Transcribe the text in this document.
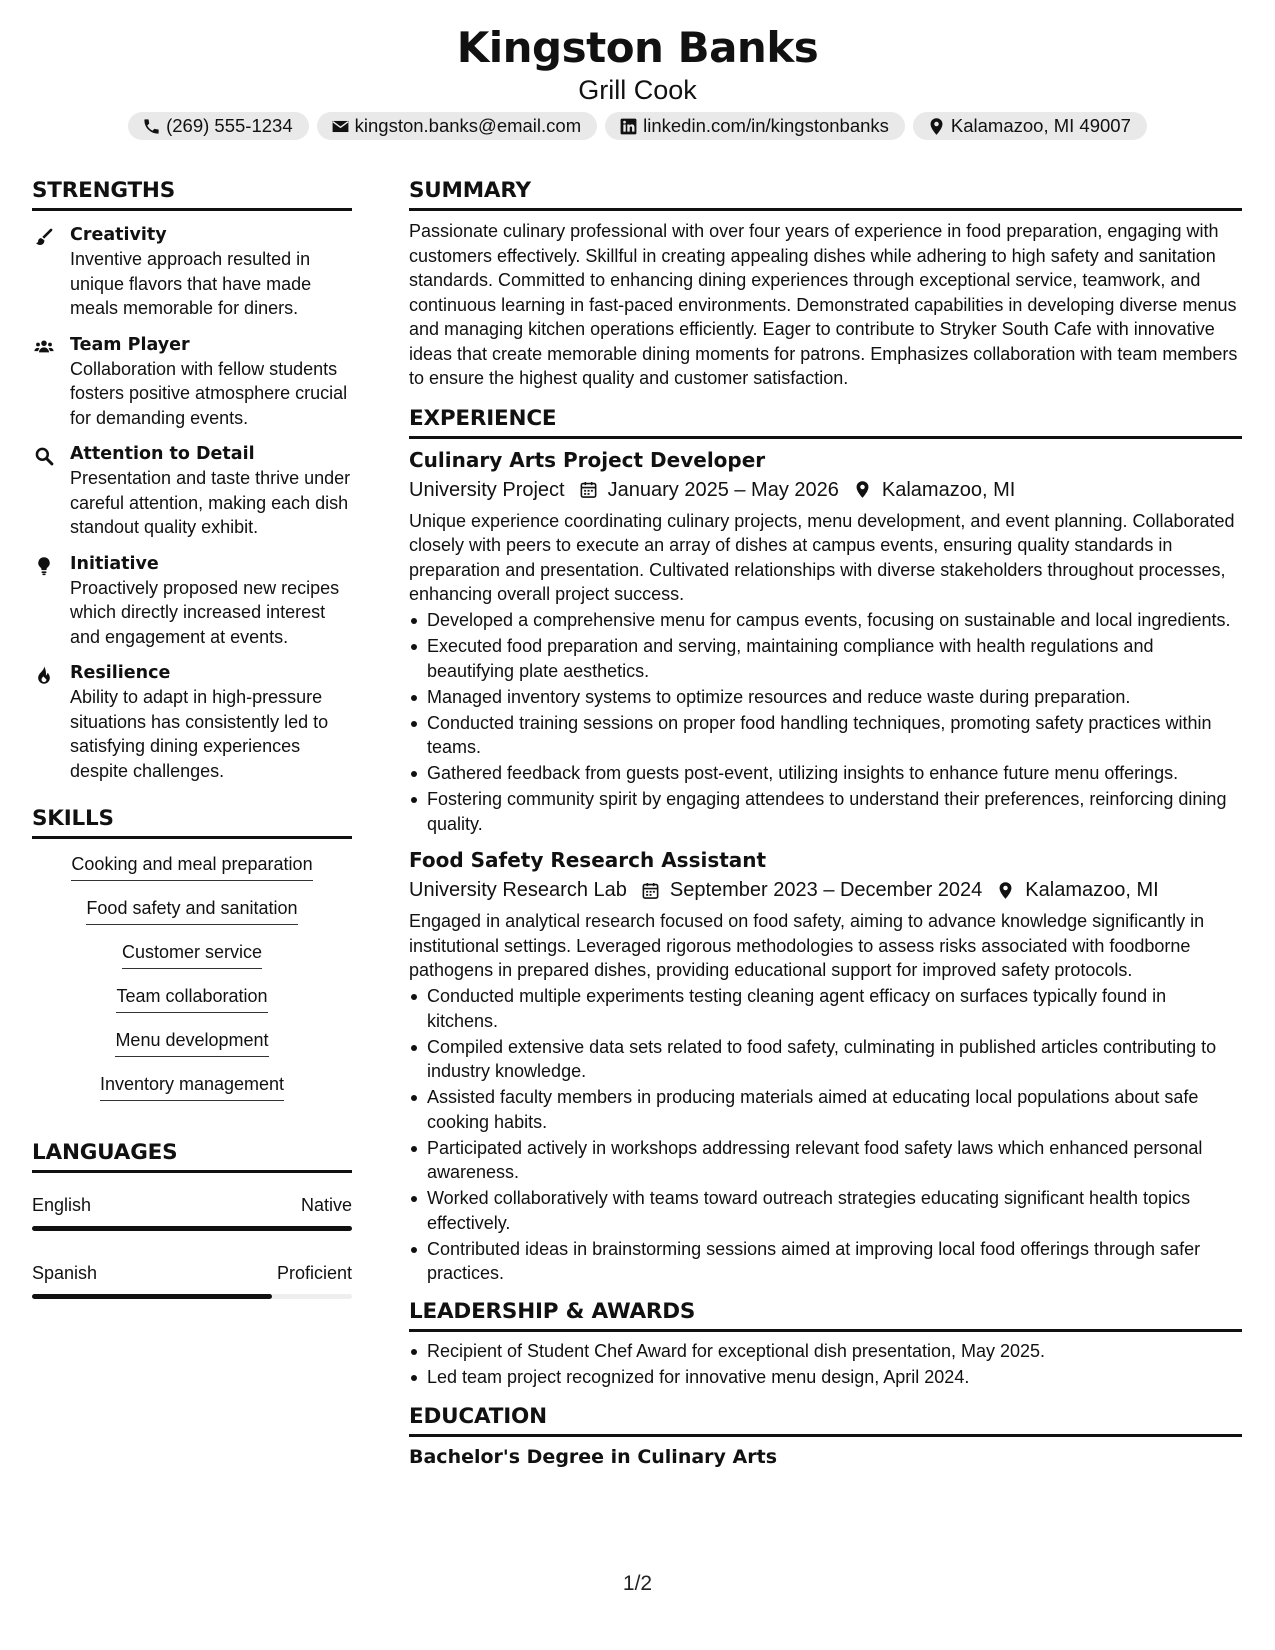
Kingston Banks
Grill Cook
(269) 555-1234	kingston.banks@email.com	linkedin.com/in/kingstonbanks	Kalamazoo, MI 49007
STRENGTHS
Creativity
Inventive approach resulted in unique flavors that have made meals memorable for diners.
Team Player
Collaboration with fellow students fosters positive atmosphere crucial for demanding events.
Attention to Detail
Presentation and taste thrive under careful attention, making each dish standout quality exhibit.
Initiative
Proactively proposed new recipes which directly increased interest and engagement at events.
Resilience
Ability to adapt in high-pressure situations has consistently led to satisfying dining experiences despite challenges.
SKILLS
Cooking and meal preparation
Food safety and sanitation
Customer service
Team collaboration
Menu development
Inventory management
LANGUAGES
English	Native
Spanish	Proficient
SUMMARY
Passionate culinary professional with over four years of experience in food preparation, engaging with customers effectively. Skillful in creating appealing dishes while adhering to high safety and sanitation standards. Committed to enhancing dining experiences through exceptional service, teamwork, and continuous learning in fast-paced environments. Demonstrated capabilities in developing diverse menus and managing kitchen operations efficiently. Eager to contribute to Stryker South Cafe with innovative ideas that create memorable dining moments for patrons. Emphasizes collaboration with team members to ensure the highest quality and customer satisfaction.
EXPERIENCE
Culinary Arts Project Developer
University Project January 2025 – May 2026 Kalamazoo, MI
Unique experience coordinating culinary projects, menu development, and event planning. Collaborated closely with peers to execute an array of dishes at campus events, ensuring quality standards in preparation and presentation. Cultivated relationships with diverse stakeholders throughout processes, enhancing overall project success.
Developed a comprehensive menu for campus events, focusing on sustainable and local ingredients.
Executed food preparation and serving, maintaining compliance with health regulations and beautifying plate aesthetics.
Managed inventory systems to optimize resources and reduce waste during preparation.
Conducted training sessions on proper food handling techniques, promoting safety practices within teams.
Gathered feedback from guests post-event, utilizing insights to enhance future menu offerings.
Fostering community spirit by engaging attendees to understand their preferences, reinforcing dining quality.
Food Safety Research Assistant
University Research Lab September 2023 – December 2024 Kalamazoo, MI
Engaged in analytical research focused on food safety, aiming to advance knowledge significantly in institutional settings. Leveraged rigorous methodologies to assess risks associated with foodborne pathogens in prepared dishes, providing educational support for improved safety protocols.
Conducted multiple experiments testing cleaning agent efficacy on surfaces typically found in kitchens.
Compiled extensive data sets related to food safety, culminating in published articles contributing to industry knowledge.
Assisted faculty members in producing materials aimed at educating local populations about safe cooking habits.
Participated actively in workshops addressing relevant food safety laws which enhanced personal awareness.
Worked collaboratively with teams toward outreach strategies educating significant health topics effectively.
Contributed ideas in brainstorming sessions aimed at improving local food offerings through safer practices.
LEADERSHIP & AWARDS
Recipient of Student Chef Award for exceptional dish presentation, May 2025.
Led team project recognized for innovative menu design, April 2024.
EDUCATION
Bachelor's Degree in Culinary Arts
1/2
